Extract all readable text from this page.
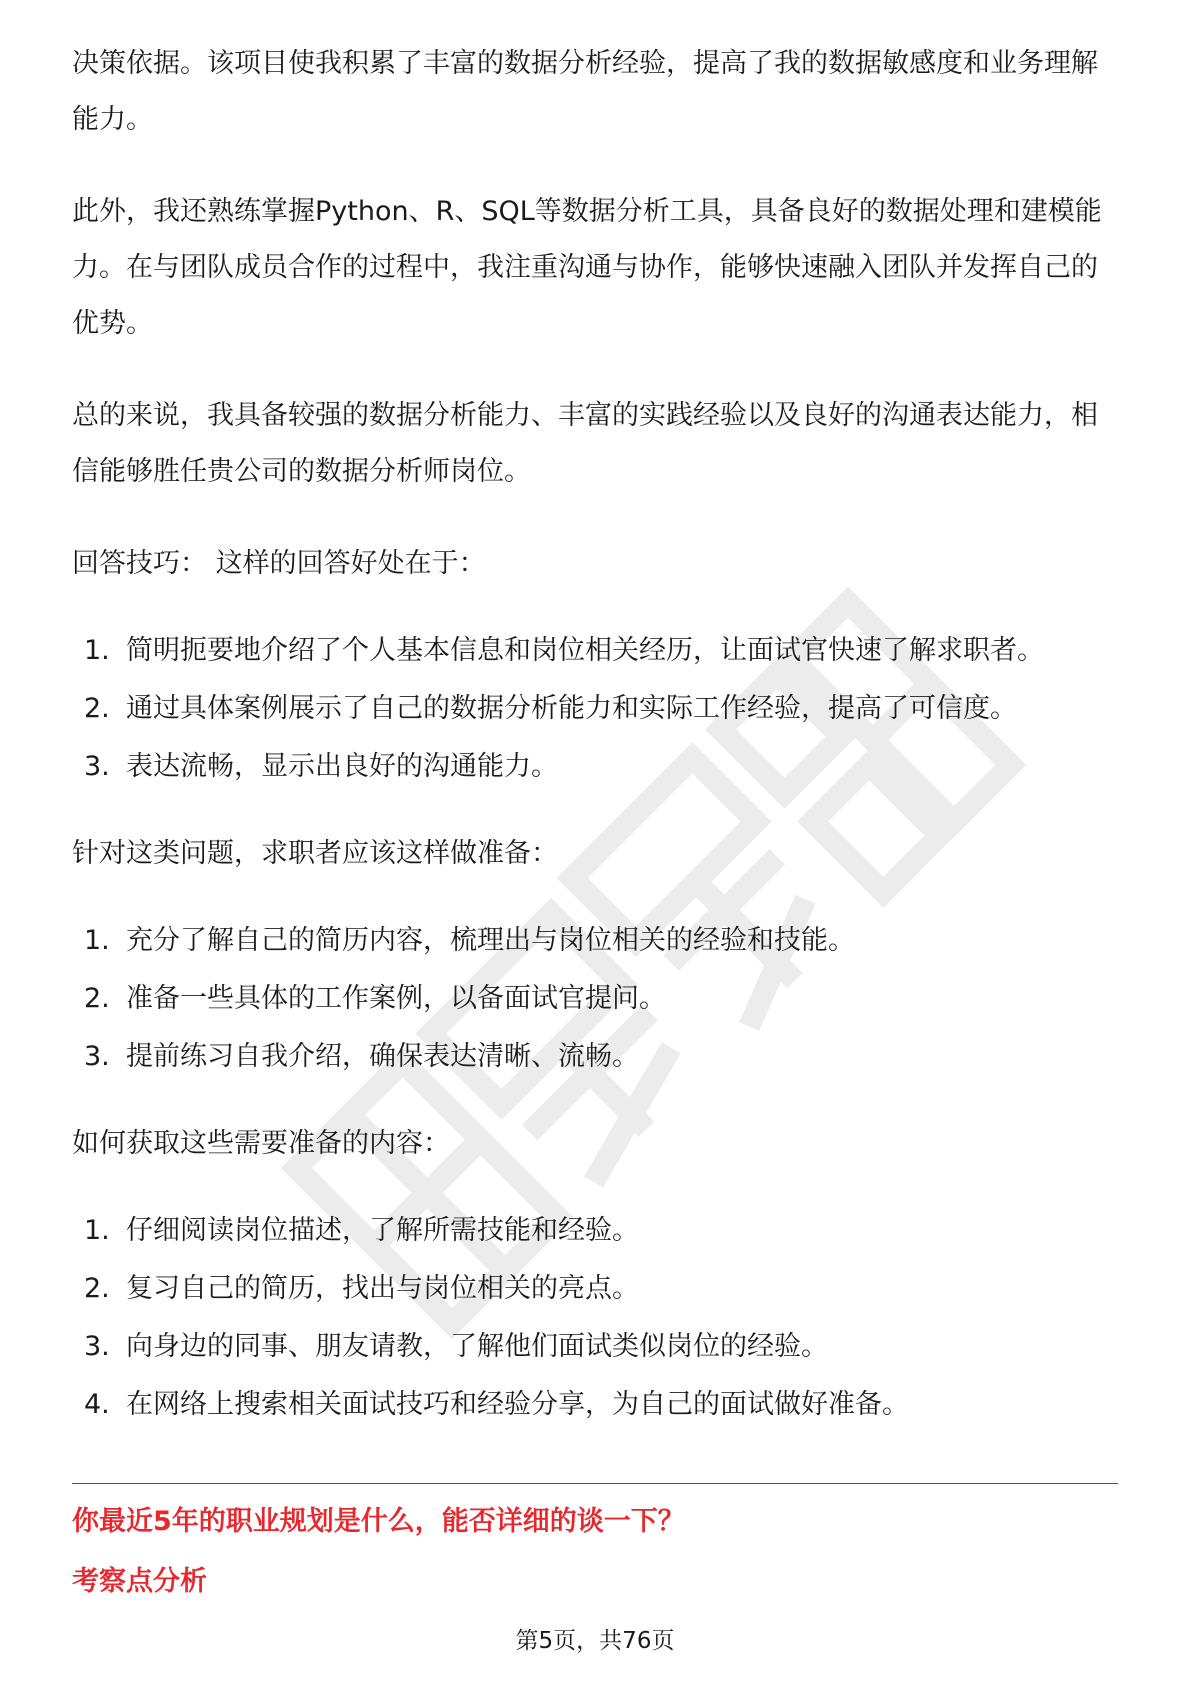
决策依据。该项目使我积累了丰富的数据分析经验，提高了我的数据敏感度和业务理解能力。

此外，我还熟练掌握Python、R、SQL等数据分析工具，具备良好的数据处理和建模能力。在与团队成员合作的过程中，我注重沟通与协作，能够快速融入团队并发挥自己的优势。

总的来说，我具备较强的数据分析能力、丰富的实践经验以及良好的沟通表达能力，相信能够胜任贵公司的数据分析师岗位。

回答技巧： 这样的回答好处在于：

1. 简明扼要地介绍了个人基本信息和岗位相关经历，让面试官快速了解求职者。
2. 通过具体案例展示了自己的数据分析能力和实际工作经验，提高了可信度。
3. 表达流畅，显示出良好的沟通能力。

针对这类问题，求职者应该这样做准备：

1. 充分了解自己的简历内容，梳理出与岗位相关的经验和技能。
2. 准备一些具体的工作案例，以备面试官提问。
3. 提前练习自我介绍，确保表达清晰、流畅。

如何获取这些需要准备的内容：

1. 仔细阅读岗位描述，了解所需技能和经验。
2. 复习自己的简历，找出与岗位相关的亮点。
3. 向身边的同事、朋友请教，了解他们面试类似岗位的经验。
4. 在网络上搜索相关面试技巧和经验分享，为自己的面试做好准备。
你最近5年的职业规划是什么，能否详细的谈一下？
考察点分析
第5页，共76页
